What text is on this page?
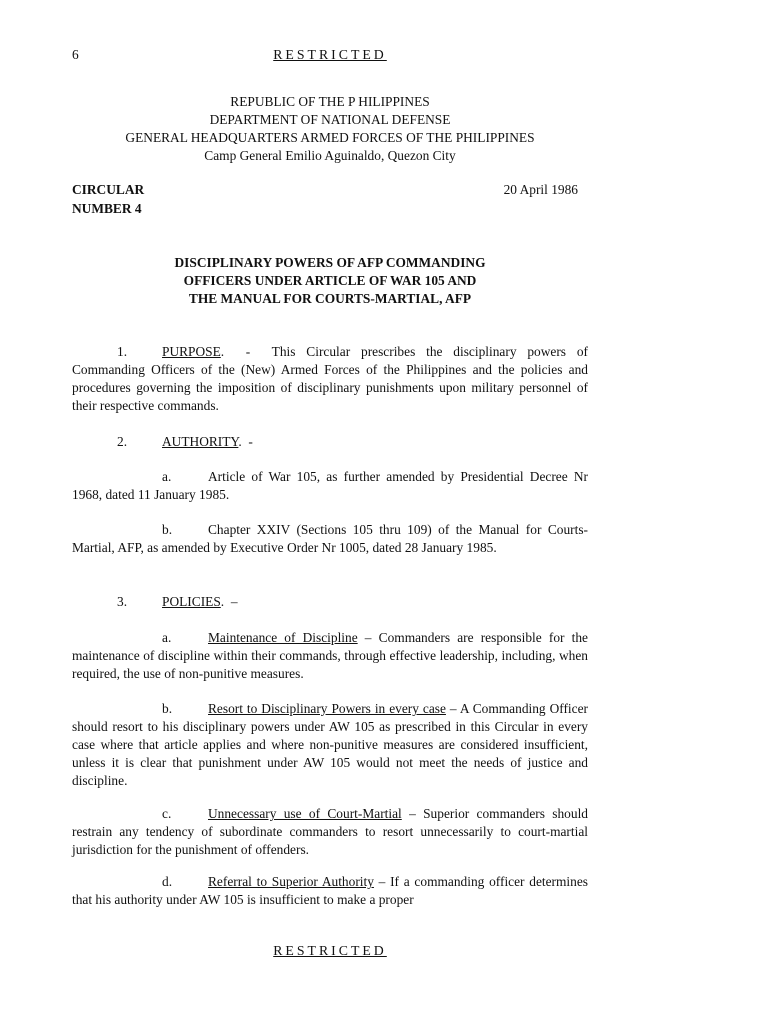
6	RESTRICTED
REPUBLIC OF THE P HILIPPINES
DEPARTMENT OF NATIONAL DEFENSE
GENERAL HEADQUARTERS ARMED FORCES OF THE PHILIPPINES
Camp General Emilio Aguinaldo, Quezon City
CIRCULAR
NUMBER 4
20 April 1986
DISCIPLINARY POWERS OF AFP COMMANDING
OFFICERS UNDER ARTICLE OF WAR 105 AND
THE MANUAL FOR COURTS-MARTIAL, AFP

1.	PURPOSE.  -  This Circular prescribes the disciplinary powers of Commanding Officers of the (New) Armed Forces of the Philippines and the policies and procedures governing the imposition of disciplinary punishments upon military personnel of their respective commands.

2.	AUTHORITY.  -

a.	Article of War 105, as further amended by Presidential Decree Nr 1968, dated 11 January 1985.

b.	Chapter XXIV (Sections 105 thru 109) of the Manual for Courts-Martial, AFP, as amended by Executive Order Nr 1005, dated 28 January 1985.

3.	POLICIES.  –

a.	Maintenance of Discipline – Commanders are responsible for the maintenance of discipline within their commands, through effective leadership, including, when required, the use of non-punitive measures.

b.	Resort to Disciplinary Powers in every case – A Commanding Officer should resort to his disciplinary powers under AW 105 as prescribed in this Circular in every case where that article applies and where non-punitive measures are considered insufficient, unless it is clear that punishment under AW 105 would not meet the needs of justice and discipline.

c.	Unnecessary use of Court-Martial – Superior commanders should restrain any tendency of subordinate commanders to resort unnecessarily to court-martial jurisdiction for the punishment of offenders.

d.	Referral to Superior Authority – If a commanding officer determines that his authority under AW 105 is insufficient to make a proper

RESTRICTED
